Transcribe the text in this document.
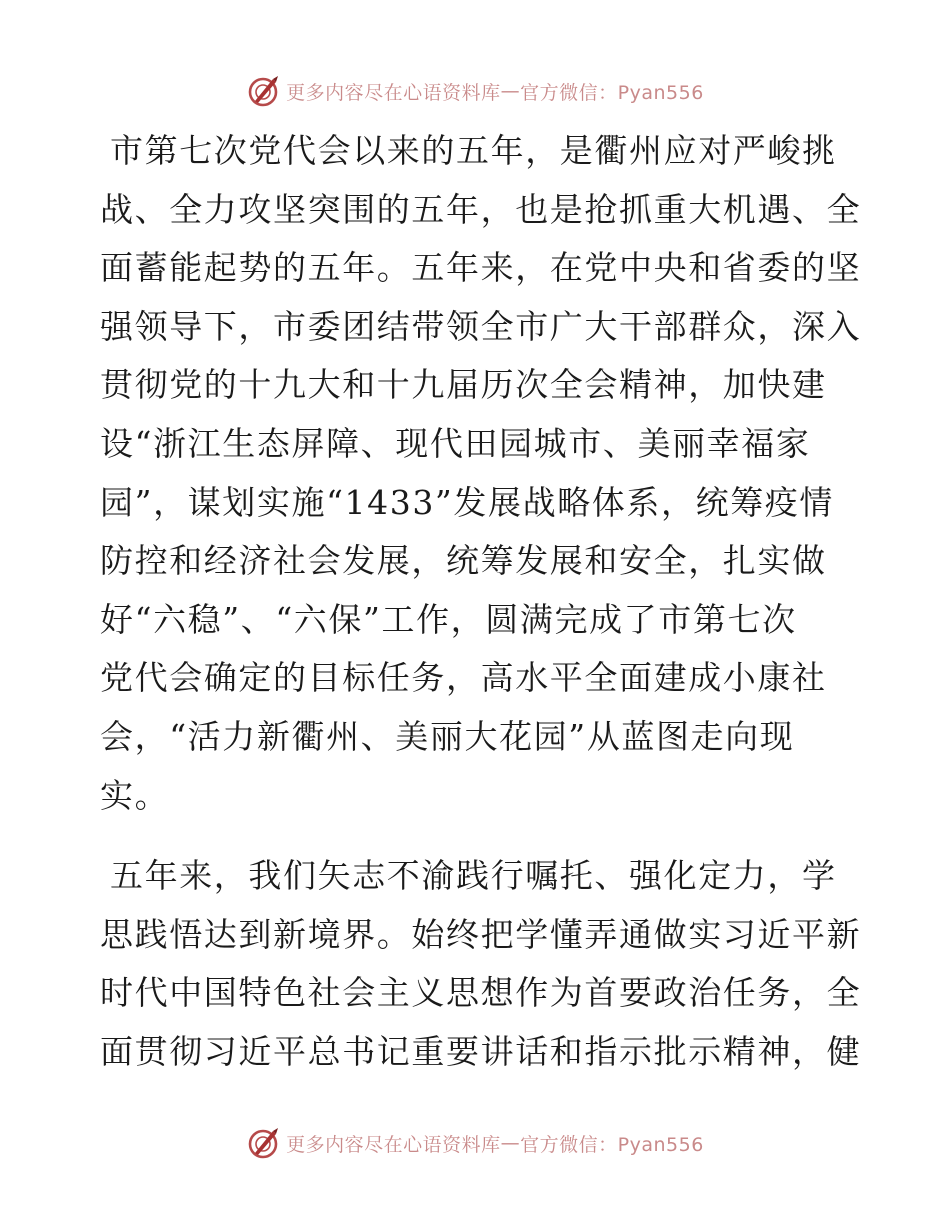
更多内容尽在心语资料库 — 官方微信：Pyan556

市第七次党代会以来的五年，是衢州应对严峻挑
战、全力攻坚突围的五年，也是抢抓重大机遇、全
面蓄能起势的五年。五年来，在党中央和省委的坚
强领导下，市委团结带领全市广大干部群众，深入
贯彻党的十九大和十九届历次全会精神，加快建
设“浙江生态屏障、现代田园城市、美丽幸福家
园”，谋划实施“1433”发展战略体系，统筹疫情
防控和经济社会发展，统筹发展和安全，扎实做
好“六稳”、“六保”工作，圆满完成了市第七次
党代会确定的目标任务，高水平全面建成小康社
会，“活力新衢州、美丽大花园”从蓝图走向现
实。

五年来，我们矢志不渝践行嘱托、强化定力，学
思践悟达到新境界。始终把学懂弄通做实习近平新
时代中国特色社会主义思想作为首要政治任务，全
面贯彻习近平总书记重要讲话和指示批示精神，健

更多内容尽在心语资料库 — 官方微信：Pyan556
